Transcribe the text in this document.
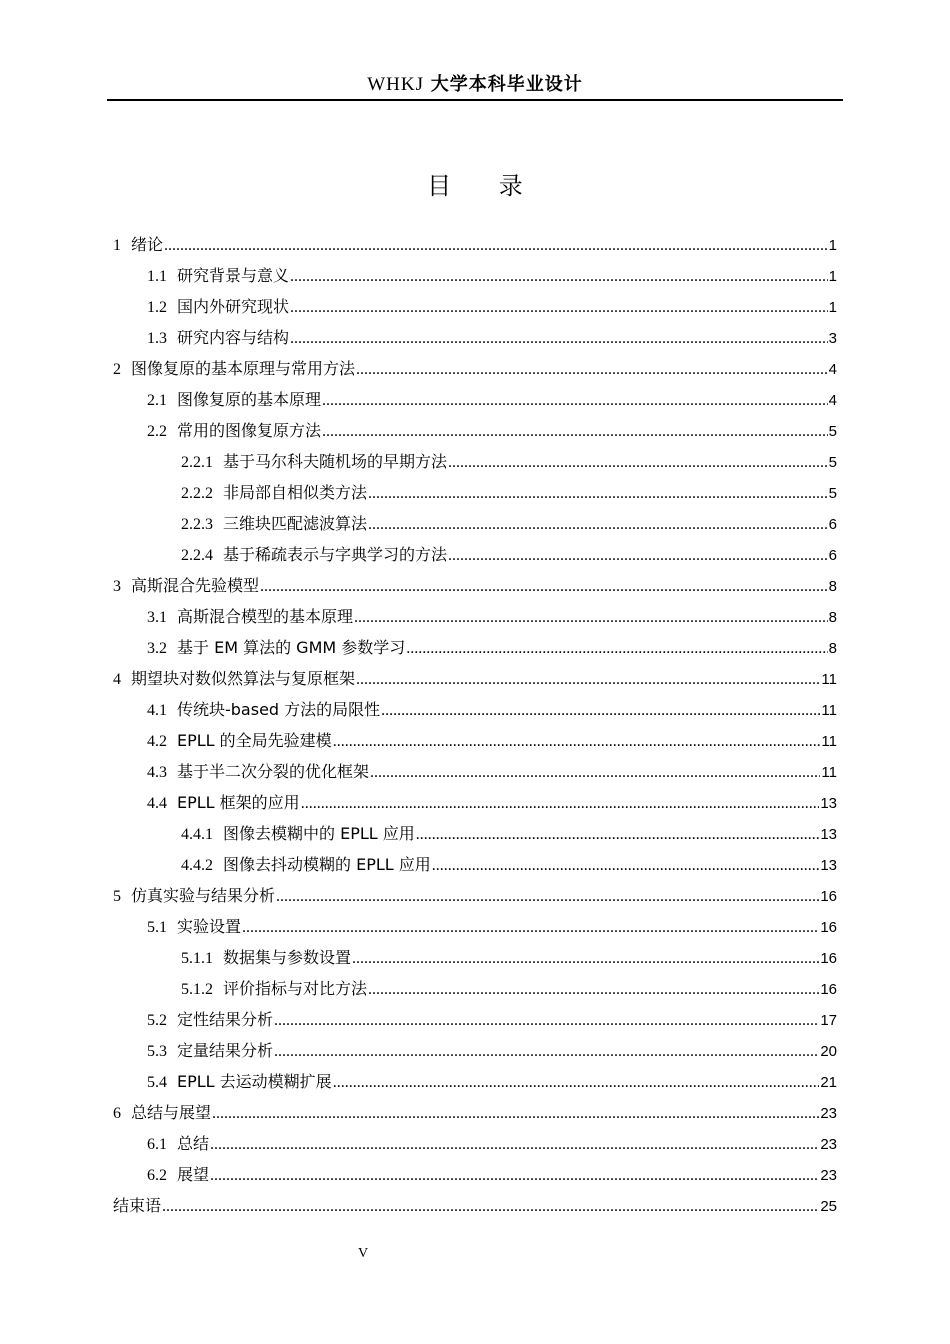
WHKJ 大学本科毕业设计
目 录
1 绪论 .....	1
1.1 研究背景与意义 .....	1
1.2 国内外研究现状 .....	1
1.3 研究内容与结构 .....	3
2 图像复原的基本原理与常用方法 .....	4
2.1 图像复原的基本原理 .....	4
2.2 常用的图像复原方法 .....	5
2.2.1 基于马尔科夫随机场的早期方法 .....	5
2.2.2 非局部自相似类方法 .....	5
2.2.3 三维块匹配滤波算法 .....	6
2.2.4 基于稀疏表示与字典学习的方法 .....	6
3 高斯混合先验模型 .....	8
3.1 高斯混合模型的基本原理 .....	8
3.2 基于 EM 算法的 GMM 参数学习 .....	8
4 期望块对数似然算法与复原框架 .....	11
4.1 传统块-based 方法的局限性 .....	11
4.2 EPLL 的全局先验建模 .....	11
4.3 基于半二次分裂的优化框架 .....	11
4.4 EPLL 框架的应用 .....	13
4.4.1 图像去模糊中的 EPLL 应用 .....	13
4.4.2 图像去抖动模糊的 EPLL 应用 .....	13
5 仿真实验与结果分析 .....	16
5.1 实验设置 .....	16
5.1.1 数据集与参数设置 .....	16
5.1.2 评价指标与对比方法 .....	16
5.2 定性结果分析 .....	17
5.3 定量结果分析 .....	20
5.4 EPLL 去运动模糊扩展 .....	21
6 总结与展望 .....	23
6.1 总结 .....	23
6.2 展望 .....	23
结束语 .....	25
V
